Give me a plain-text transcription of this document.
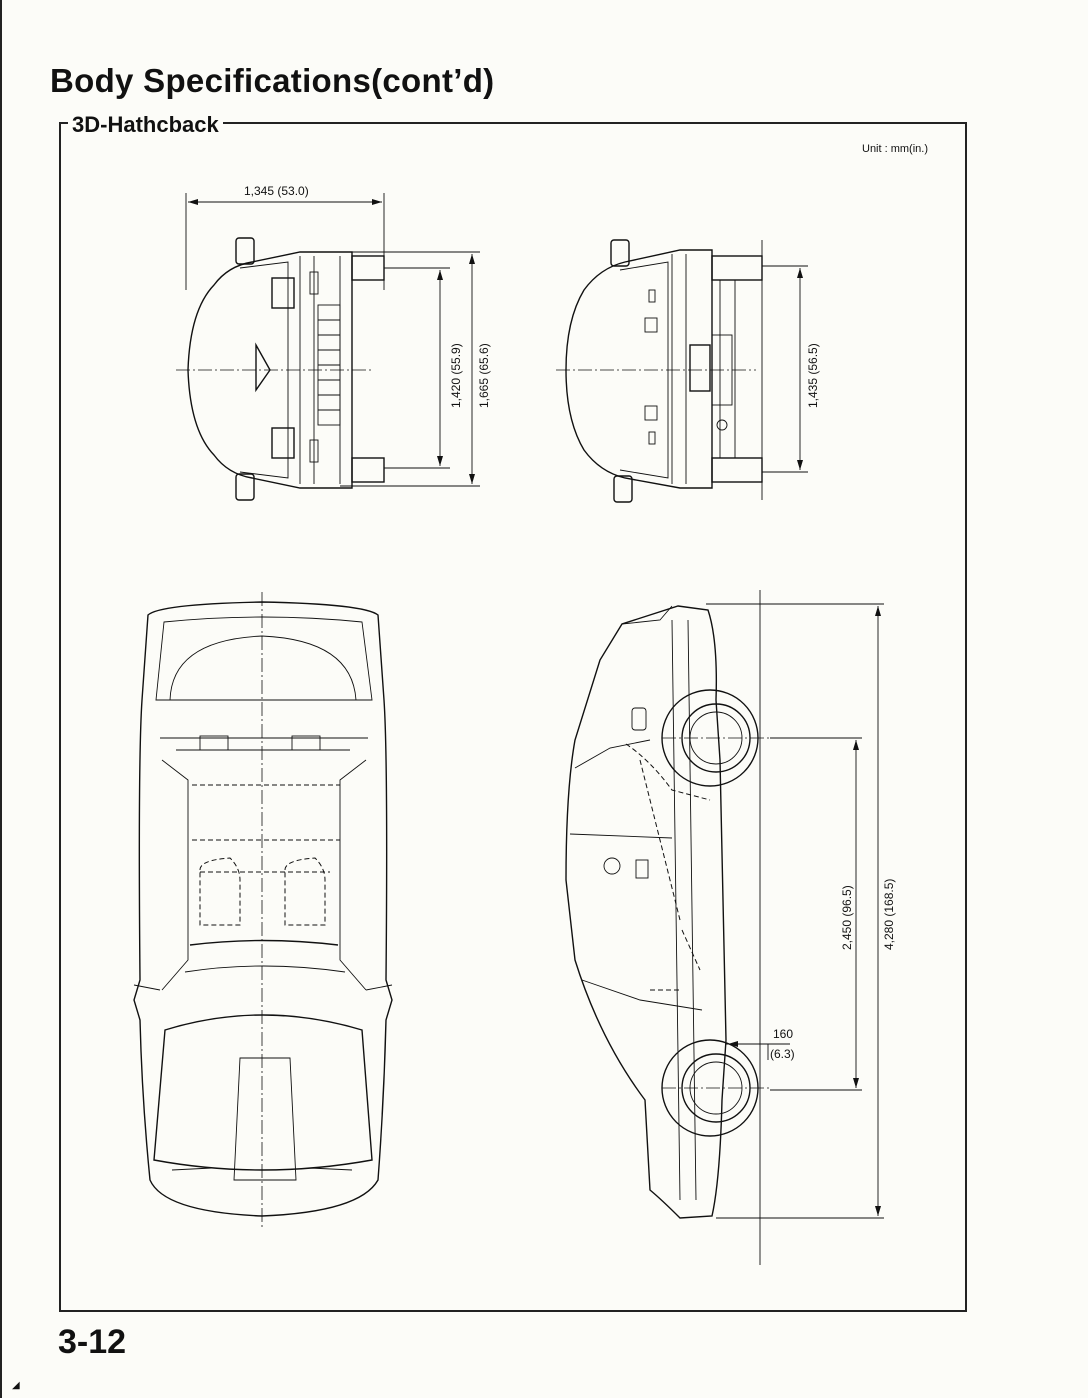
Body Specifications(cont’d)
3D-Hathcback
Unit : mm(in.)
1,345 (53.0)
1,420 (55.9) 1,665 (65.6)	1,435 (56.5)
2,450 (96.5) 4,280 (168.5)
160
(6.3)
3-12
◢
